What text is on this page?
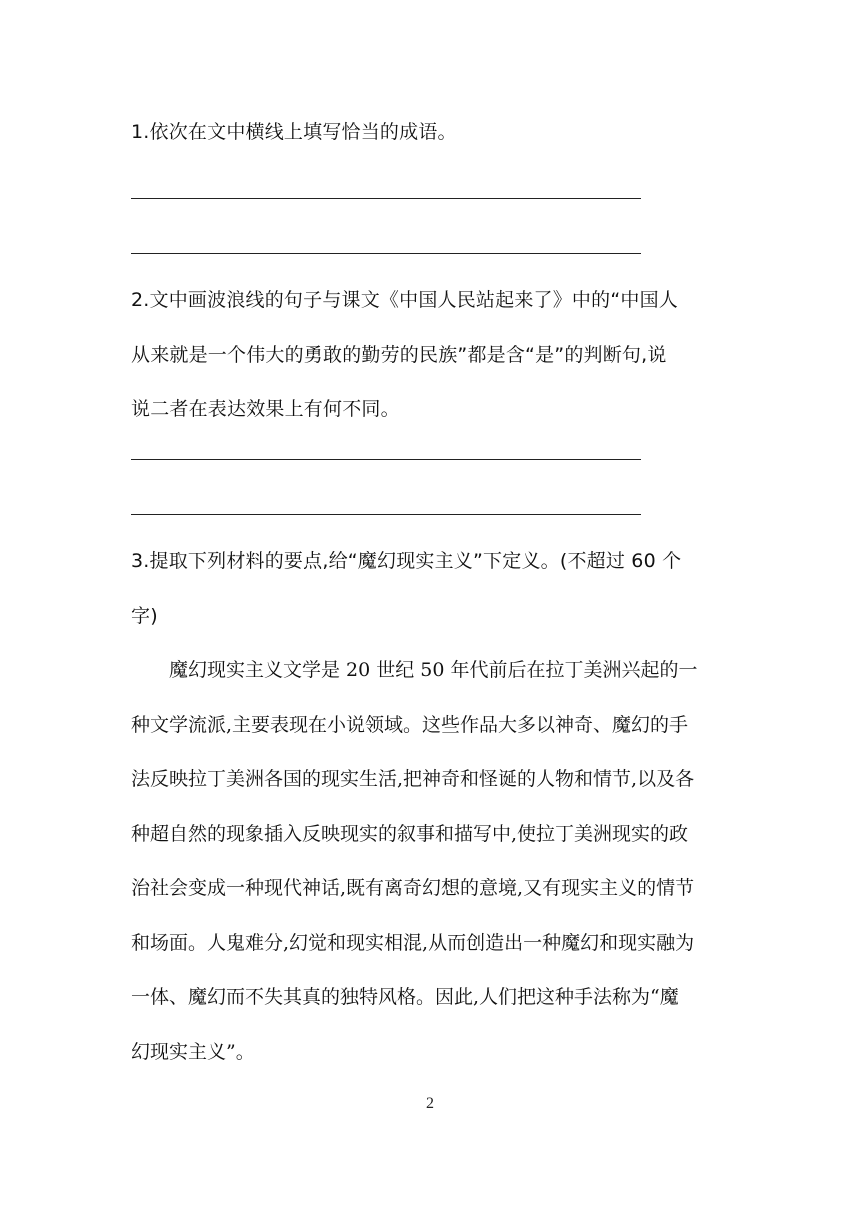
1.依次在文中横线上填写恰当的成语。
2.文中画波浪线的句子与课文《中国人民站起来了》中的“中国人
从来就是一个伟大的勇敢的勤劳的民族”都是含“是”的判断句,说
说二者在表达效果上有何不同。
3.提取下列材料的要点,给“魔幻现实主义”下定义。(不超过 60 个
字)
　　魔幻现实主义文学是 20 世纪 50 年代前后在拉丁美洲兴起的一
种文学流派,主要表现在小说领域。这些作品大多以神奇、魔幻的手
法反映拉丁美洲各国的现实生活,把神奇和怪诞的人物和情节,以及各
种超自然的现象插入反映现实的叙事和描写中,使拉丁美洲现实的政
治社会变成一种现代神话,既有离奇幻想的意境,又有现实主义的情节
和场面。人鬼难分,幻觉和现实相混,从而创造出一种魔幻和现实融为
一体、魔幻而不失其真的独特风格。因此,人们把这种手法称为“魔
幻现实主义”。
2
